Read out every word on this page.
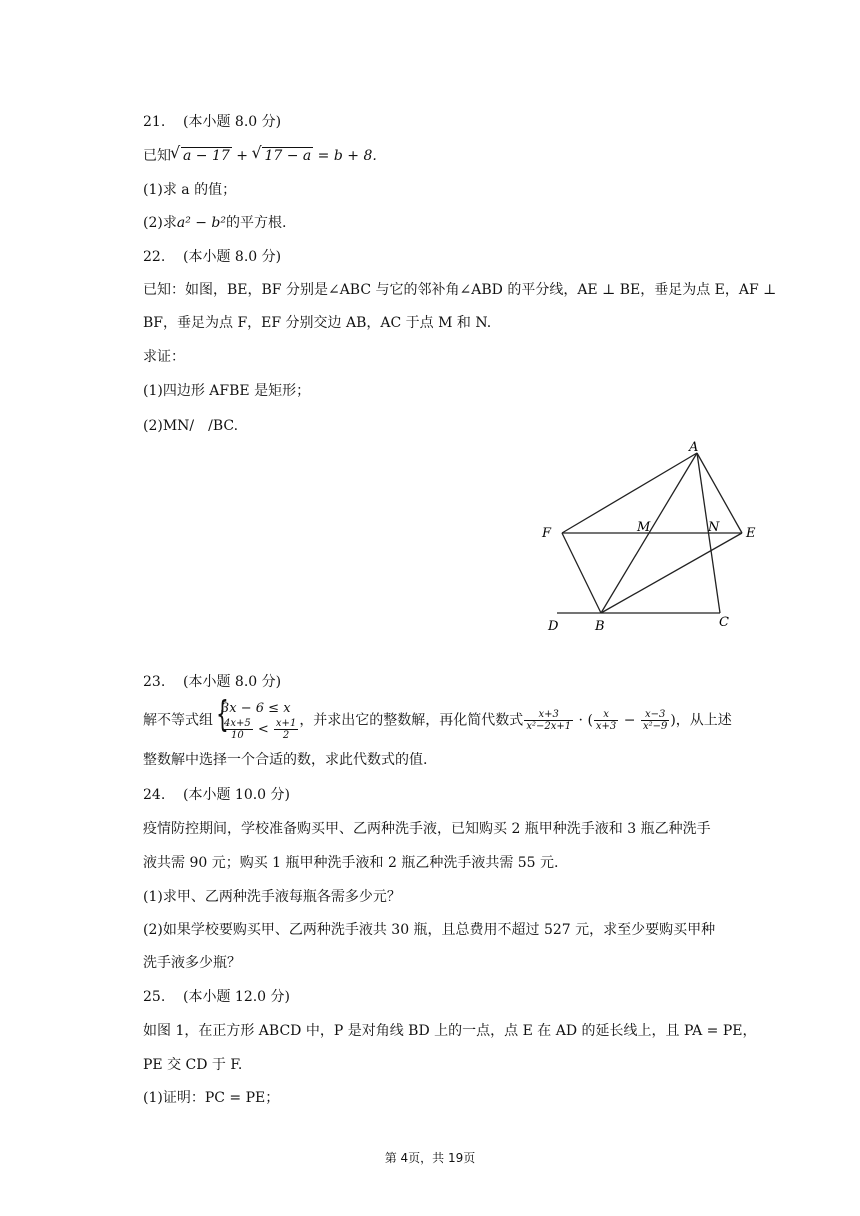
21. (本小题 8.0 分)
已知√ a − 17 + √ 17 − a = b + 8.
(1)求 a 的值；
(2)求a² − b²的平方根.
22. (本小题 8.0 分)
已知：如图，BE，BF 分别是∠ABC 与它的邻补角∠ABD 的平分线，AE ⊥ BE，垂足为点 E，AF ⊥
BF，垂足为点 F，EF 分别交边 AB，AC 于点 M 和 N.
求证：
(1)四边形 AFBE 是矩形；
(2)MN/　/BC.
A
F	M	N E
D	B	C
23. (本小题 8.0 分)
解不等式组 {
3x − 6 ≤ x
$\frac{4x+5}{10} < \frac{x+1}{2}$ ，并求出它的整数解，再化简代数式 $\frac{x+3}{\text{x²−2x+1}}$ · ( $\frac{x}{x+3} - \frac{x-3}{\text{x²−9}}$ )，从上述
整数解中选择一个合适的数，求此代数式的值.
24. (本小题 10.0 分)
疫情防控期间，学校准备购买甲、乙两种洗手液，已知购买 2 瓶甲种洗手液和 3 瓶乙种洗手
液共需 90 元；购买 1 瓶甲种洗手液和 2 瓶乙种洗手液共需 55 元.
(1)求甲、乙两种洗手液每瓶各需多少元？
(2)如果学校要购买甲、乙两种洗手液共 30 瓶，且总费用不超过 527 元，求至少要购买甲种
洗手液多少瓶？
25. (本小题 12.0 分)
如图 1，在正方形 ABCD 中，P 是对角线 BD 上的一点，点 E 在 AD 的延长线上，且 PA = PE，
PE 交 CD 于 F.
(1)证明：PC = PE；
第 4页，共 19页
